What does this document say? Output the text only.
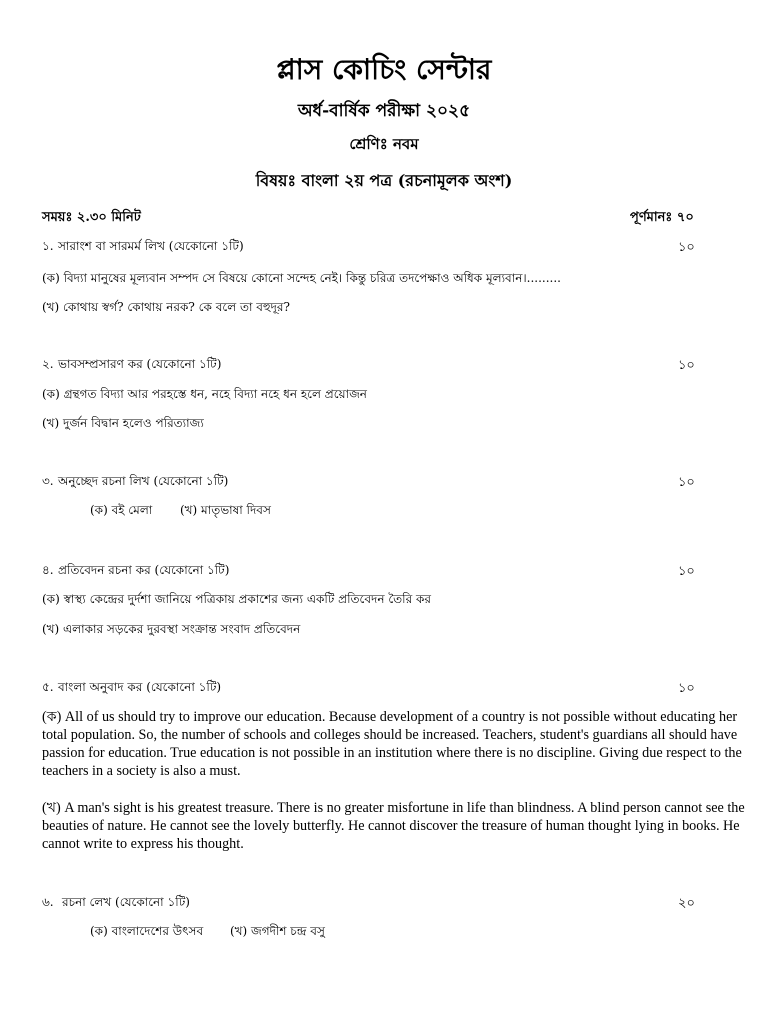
প্লাস কোচিং সেন্টার
অর্ধ-বার্ষিক পরীক্ষা ২০২৫
শ্রেণিঃ নবম
বিষয়ঃ বাংলা ২য় পত্র (রচনামূলক অংশ)
সময়ঃ ২.৩০ মিনিট	পূর্ণমানঃ ৭০
১. সারাংশ বা সারমর্ম লিখ (যেকোনো ১টি)	১০
(ক) বিদ্যা মানুষের মূল্যবান সম্পদ সে বিষয়ে কোনো সন্দেহ নেই। কিন্তু চরিত্র তদপেক্ষাও অধিক মূল্যবান।.........
(খ) কোথায় স্বর্গ? কোথায় নরক? কে বলে তা বহুদূর?
২. ভাবসম্প্রসারণ কর (যেকোনো ১টি)	১০
(ক) গ্রন্থগত বিদ্যা আর পরহস্তে ধন, নহে বিদ্যা নহে ধন হলে প্রয়োজন
(খ) দুর্জন বিদ্বান হলেও পরিত্যাজ্য
৩. অনুচ্ছেদ রচনা লিখ (যেকোনো ১টি)	১০
(ক) বই মেলা (খ) মাতৃভাষা দিবস
৪. প্রতিবেদন রচনা কর (যেকোনো ১টি)	১০
(ক) স্বাস্থ্য কেন্দ্রের দুর্দশা জানিয়ে পত্রিকায় প্রকাশের জন্য একটি প্রতিবেদন তৈরি কর
(খ) এলাকার সড়কের দুরবস্থা সংক্রান্ত সংবাদ প্রতিবেদন
৫. বাংলা অনুবাদ কর (যেকোনো ১টি)	১০
(ক) All of us should try to improve our education. Because development of a country is not possible without educating her total population. So, the number of schools and colleges should be increased. Teachers, student's guardians all should have passion for education. True education is not possible in an institution where there is no discipline. Giving due respect to the teachers in a society is also a must.
(খ) A man's sight is his greatest treasure. There is no greater misfortune in life than blindness. A blind person cannot see the beauties of nature. He cannot see the lovely butterfly. He cannot discover the treasure of human thought lying in books. He cannot write to express his thought.
৬. রচনা লেখ (যেকোনো ১টি)	২০
(ক) বাংলাদেশের উৎসব (খ) জগদীশ চন্দ্র বসু
